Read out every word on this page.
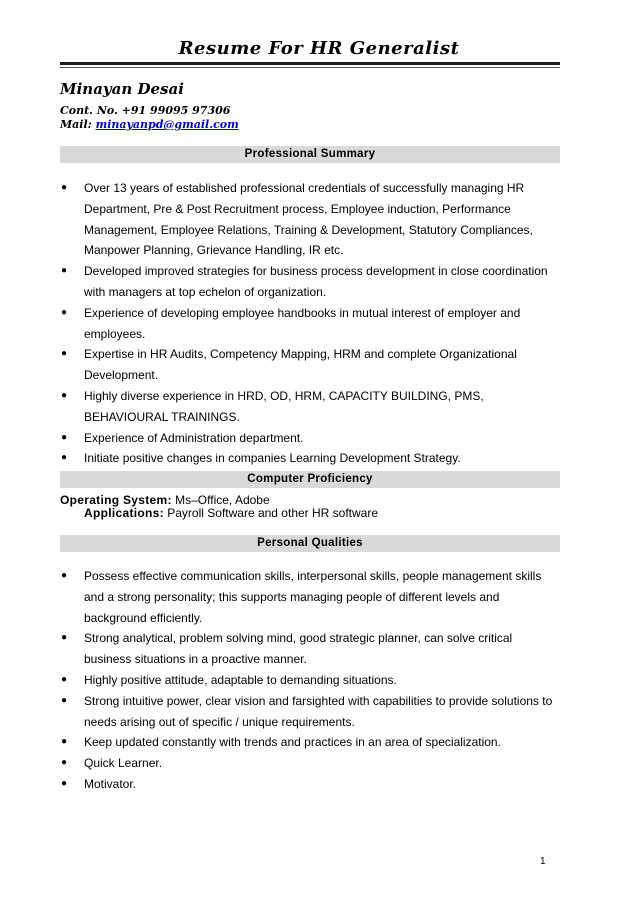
Resume For HR Generalist

Minayan Desai

Cont. No. +91 99095 97306

Mail: minayanpd@gmail.com

Professional Summary
● Over 13 years of established professional credentials of successfully managing HR Department, Pre & Post Recruitment process, Employee induction, Performance Management, Employee Relations, Training & Development, Statutory Compliances, Manpower Planning, Grievance Handling, IR etc.
● Developed improved strategies for business process development in close coordination with managers at top echelon of organization.
● Experience of developing employee handbooks in mutual interest of employer and employees.
● Expertise in HR Audits, Competency Mapping, HRM and complete Organizational Development.
● Highly diverse experience in HRD, OD, HRM, CAPACITY BUILDING, PMS, BEHAVIOURAL TRAININGS.
● Experience of Administration department.
● Initiate positive changes in companies Learning Development Strategy.
Computer Proficiency

Operating System: Ms–Office, Adobe

Applications: Payroll Software and other HR software

Personal Qualities
● Possess effective communication skills, interpersonal skills, people management skills and a strong personality; this supports managing people of different levels and background efficiently.
● Strong analytical, problem solving mind, good strategic planner, can solve critical business situations in a proactive manner.
● Highly positive attitude, adaptable to demanding situations.
● Strong intuitive power, clear vision and farsighted with capabilities to provide solutions to needs arising out of specific / unique requirements.
● Keep updated constantly with trends and practices in an area of specialization.
● Quick Learner.
● Motivator.

1
